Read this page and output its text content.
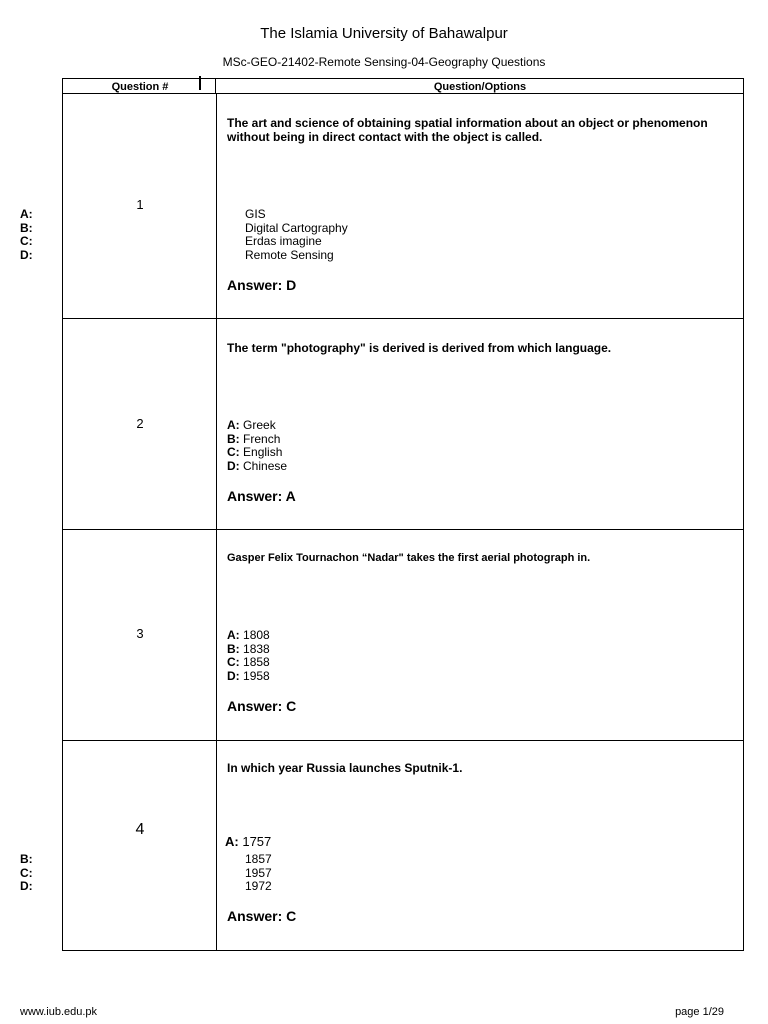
The Islamia University of Bahawalpur
MSc-GEO-21402-Remote Sensing-04-Geography Questions
Question #	Question/Options
1
The art and science of obtaining spatial information about an object or phenomenon without being in direct contact with the object is called.
GIS
Digital Cartography
Erdas imagine
Remote Sensing
Answer: D
A:
B:
C:
D:
2
The term "photography" is derived is derived from which language.
A: Greek
B: French
C: English
D: Chinese
Answer: A
3
Gasper Felix Tournachon “Nadar" takes the first aerial photograph in.
A: 1808
B: 1838
C: 1858
D: 1958
Answer: C
4
In which year Russia launches Sputnik-1.
A: 1757
1857
1957
1972
Answer: C
B:
C:
D:
www.iub.edu.pk	page 1/29
